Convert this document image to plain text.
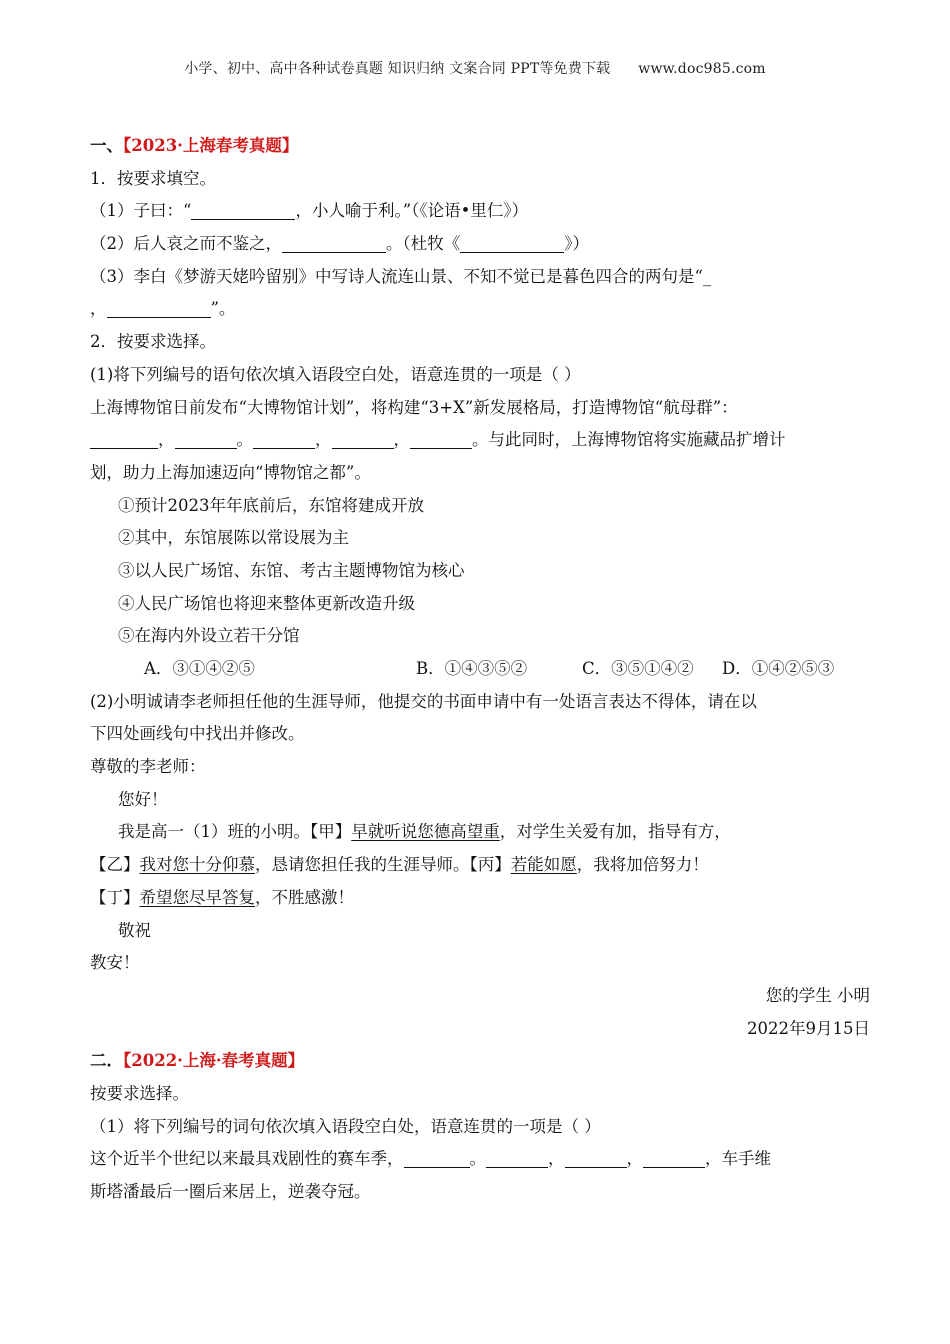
小学、初中、高中各种试卷真题 知识归纳 文案合同 PPT等免费下载      www.doc985.com
一、【2023·上海春考真题】
1．按要求填空。
（1）子曰：“	，小人喻于利。”（《论语•里仁》）
（2）后人哀之而不鉴之，	。（杜牧《	》）
（3）李白《梦游天姥吟留别》中写诗人流连山景、不知不觉已是暮色四合的两句是“_
，	”。
2．按要求选择。
(1)将下列编号的语句依次填入语段空白处，语意连贯的一项是（ ）
上海博物馆日前发布“大博物馆计划”，将构建“3+X”新发展格局，打造博物馆“航母群”：
，	。	，	，	。与此同时，上海博物馆将实施藏品扩增计
划，助力上海加速迈向“博物馆之都”。
①预计2023年年底前后，东馆将建成开放
②其中，东馆展陈以常设展为主
③以人民广场馆、东馆、考古主题博物馆为核心
④人民广场馆也将迎来整体更新改造升级
⑤在海内外设立若干分馆
A．③①④②⑤	B．①④③⑤②	C．③⑤①④② D．①④②⑤③
(2)小明诚请李老师担任他的生涯导师，他提交的书面申请中有一处语言表达不得体，请在以
下四处画线句中找出并修改。
尊敬的李老师：
您好！
我是高一（1）班的小明。【甲】早就听说您德高望重，对学生关爱有加，指导有方，
【乙】我对您十分仰慕，恳请您担任我的生涯导师。【丙】若能如愿，我将加倍努力！
【丁】希望您尽早答复，不胜感激！
敬祝
教安！
您的学生 小明
2022年9月15日
二．【2022·上海·春考真题】
按要求选择。
（1）将下列编号的词句依次填入语段空白处，语意连贯的一项是（ ）
这个近半个世纪以来最具戏剧性的赛车季，	。	，	，	，车手维
斯塔潘最后一圈后来居上，逆袭夺冠。
